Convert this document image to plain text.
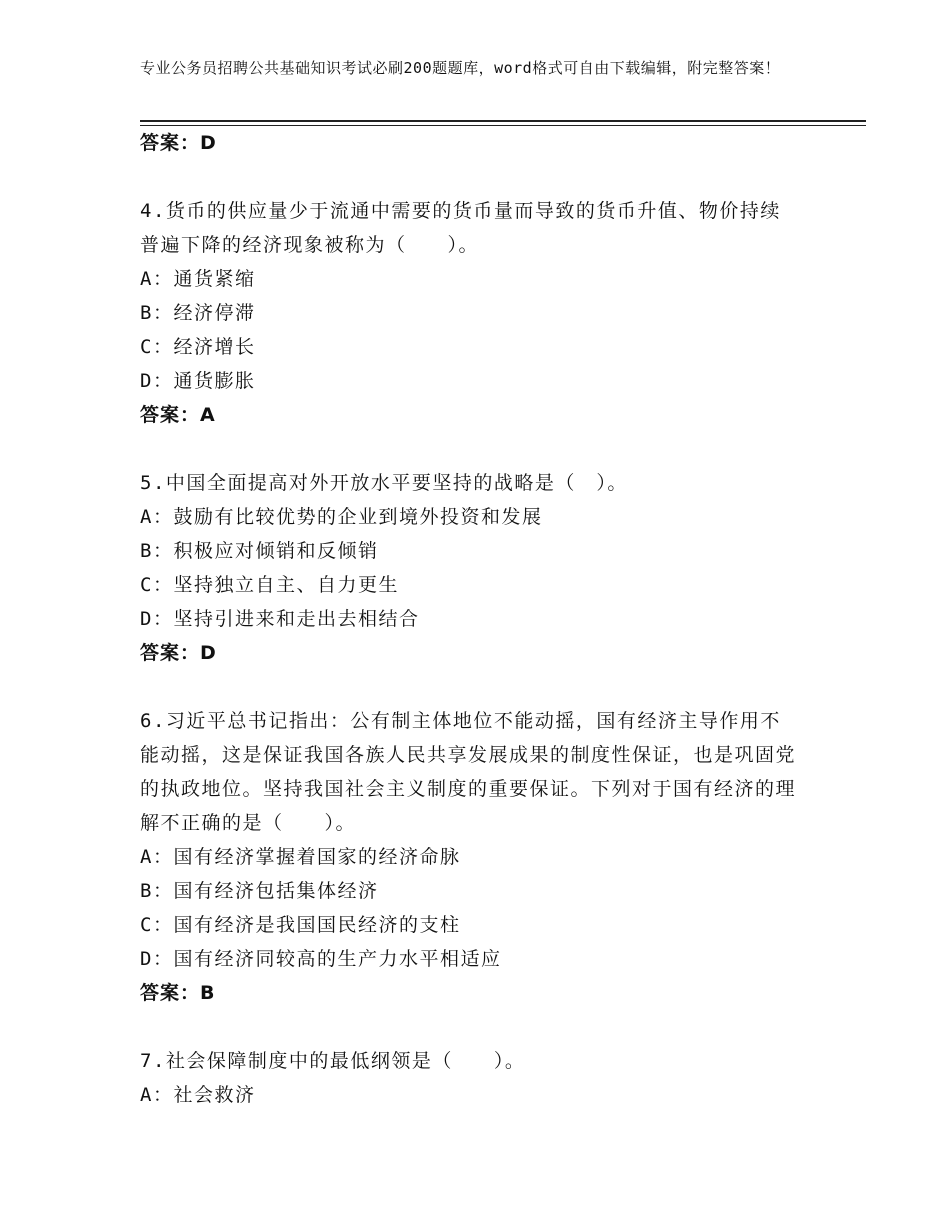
专业公务员招聘公共基础知识考试必刷200题题库，word格式可自由下载编辑，附完整答案！
答案：D
4.货币的供应量少于流通中需要的货币量而导致的货币升值、物价持续普遍下降的经济现象被称为（　　）。
A：通货紧缩
B：经济停滞
C：经济增长
D：通货膨胀
答案：A
5.中国全面提高对外开放水平要坚持的战略是（　）。
A：鼓励有比较优势的企业到境外投资和发展
B：积极应对倾销和反倾销
C：坚持独立自主、自力更生
D：坚持引进来和走出去相结合
答案：D
6.习近平总书记指出：公有制主体地位不能动摇，国有经济主导作用不能动摇，这是保证我国各族人民共享发展成果的制度性保证，也是巩固党的执政地位。坚持我国社会主义制度的重要保证。下列对于国有经济的理解不正确的是（　　）。
A：国有经济掌握着国家的经济命脉
B：国有经济包括集体经济
C：国有经济是我国国民经济的支柱
D：国有经济同较高的生产力水平相适应
答案：B
7.社会保障制度中的最低纲领是（　　）。
A：社会救济
